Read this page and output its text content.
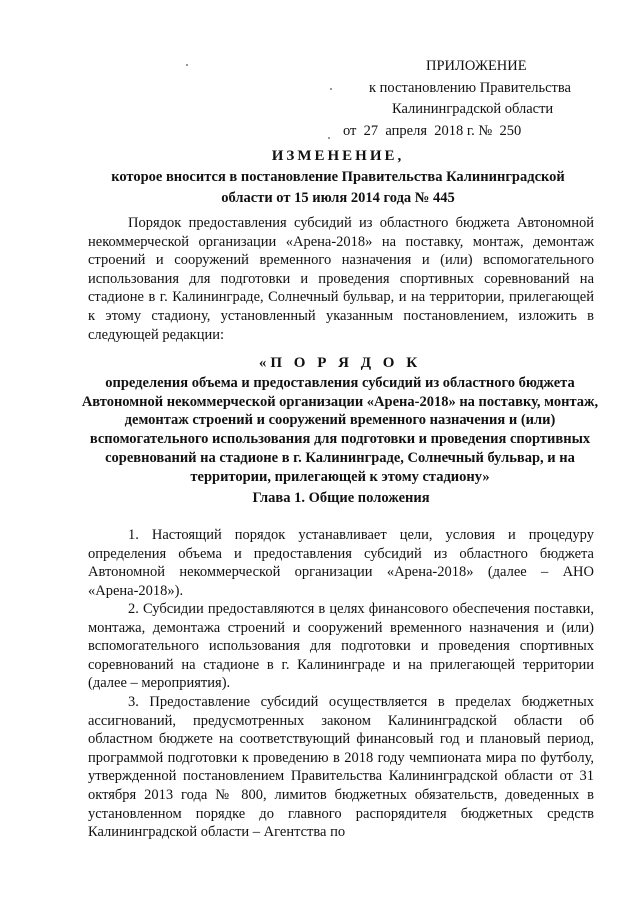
ПРИЛОЖЕНИЕ
к постановлению Правительства
Калининградской области
от  27  апреля  2018 г. №  250
ИЗМЕНЕНИЕ,
которое вносится в постановление Правительства Калининградской области от 15 июля 2014 года № 445
Порядок предоставления субсидий из областного бюджета Автономной некоммерческой организации «Арена-2018» на поставку, монтаж, демонтаж строений и сооружений временного назначения и (или) вспомогательного использования для подготовки и проведения спортивных соревнований на стадионе в г. Калининграде, Солнечный бульвар, и на территории, прилегающей к этому стадиону, установленный указанным постановлением, изложить в следующей редакции:
«П О Р Я Д О К
определения объема и предоставления субсидий из областного бюджета Автономной некоммерческой организации «Арена-2018» на поставку, монтаж, демонтаж строений и сооружений временного назначения и (или) вспомогательного использования для подготовки и проведения спортивных соревнований на стадионе в г. Калининграде, Солнечный бульвар, и на территории, прилегающей к этому стадиону»
Глава 1. Общие положения
1. Настоящий порядок устанавливает цели, условия и процедуру определения объема и предоставления субсидий из областного бюджета Автономной некоммерческой организации «Арена-2018» (далее – АНО «Арена-2018»).
2. Субсидии предоставляются в целях финансового обеспечения поставки, монтажа, демонтажа строений и сооружений временного назначения и (или) вспомогательного использования для подготовки и проведения спортивных соревнований на стадионе в г. Калининграде и на прилегающей территории (далее – мероприятия).
3. Предоставление субсидий осуществляется в пределах бюджетных ассигнований, предусмотренных законом Калининградской области об областном бюджете на соответствующий финансовый год и плановый период, программой подготовки к проведению в 2018 году чемпионата мира по футболу, утвержденной постановлением Правительства Калининградской области от 31 октября 2013 года № 800, лимитов бюджетных обязательств, доведенных в установленном порядке до главного распорядителя бюджетных средств Калининградской области – Агентства по
